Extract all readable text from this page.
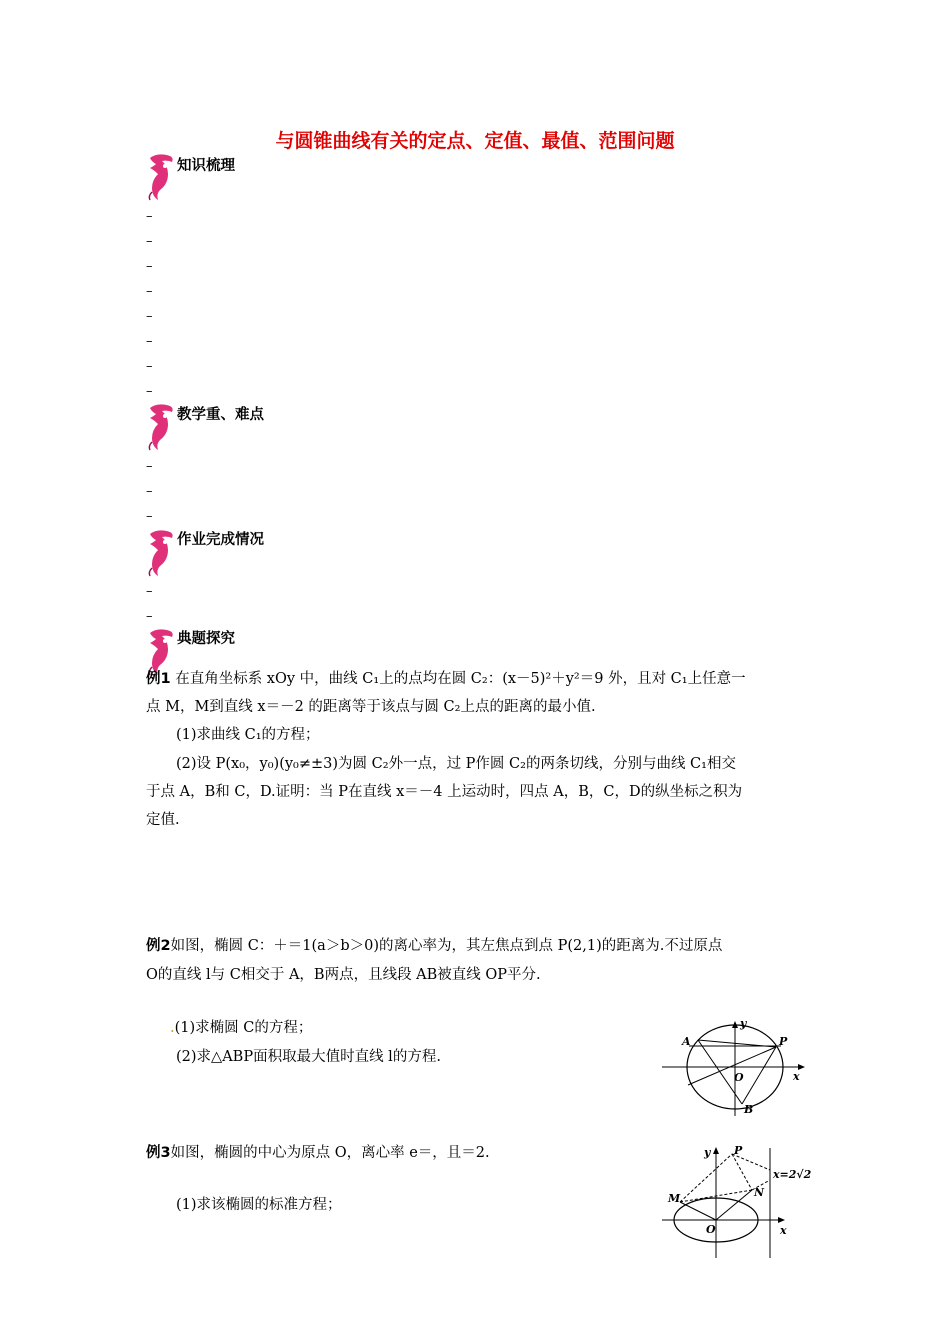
与圆锥曲线有关的定点、定值、最值、范围问题
知识梳理
–
–
–
–
–
–
–
–
教学重、难点
–
–
–
作业完成情况
–
–
典题探究
例1 在直角坐标系 xOy 中，曲线 C₁上的点均在圆 C₂：(x－5)²＋y²＝9 外，且对 C₁上任意一
点 M，M到直线 x＝－2 的距离等于该点与圆 C₂上点的距离的最小值.
(1)求曲线 C₁的方程；
(2)设 P(x₀，y₀)(y₀≠±3)为圆 C₂外一点，过 P作圆 C₂的两条切线，分别与曲线 C₁相交
于点 A，B和 C，D.证明：当 P在直线 x＝－4 上运动时，四点 A，B，C，D的纵坐标之积为
定值.
例2如图，椭圆 C：＋＝1(a＞b＞0)的离心率为，其左焦点到点 P(2,1)的距离为.不过原点
O的直线 l与 C相交于 A，B两点，且线段 AB被直线 OP平分.
.(1)求椭圆 C的方程；
(2)求△ABP面积取最大值时直线 l的方程.
y
A	P
O	x
B
例3如图，椭圆的中心为原点 O，离心率 e＝，且＝2.
(1)求该椭圆的标准方程；
y P
x=2√2
M	N
O	x
